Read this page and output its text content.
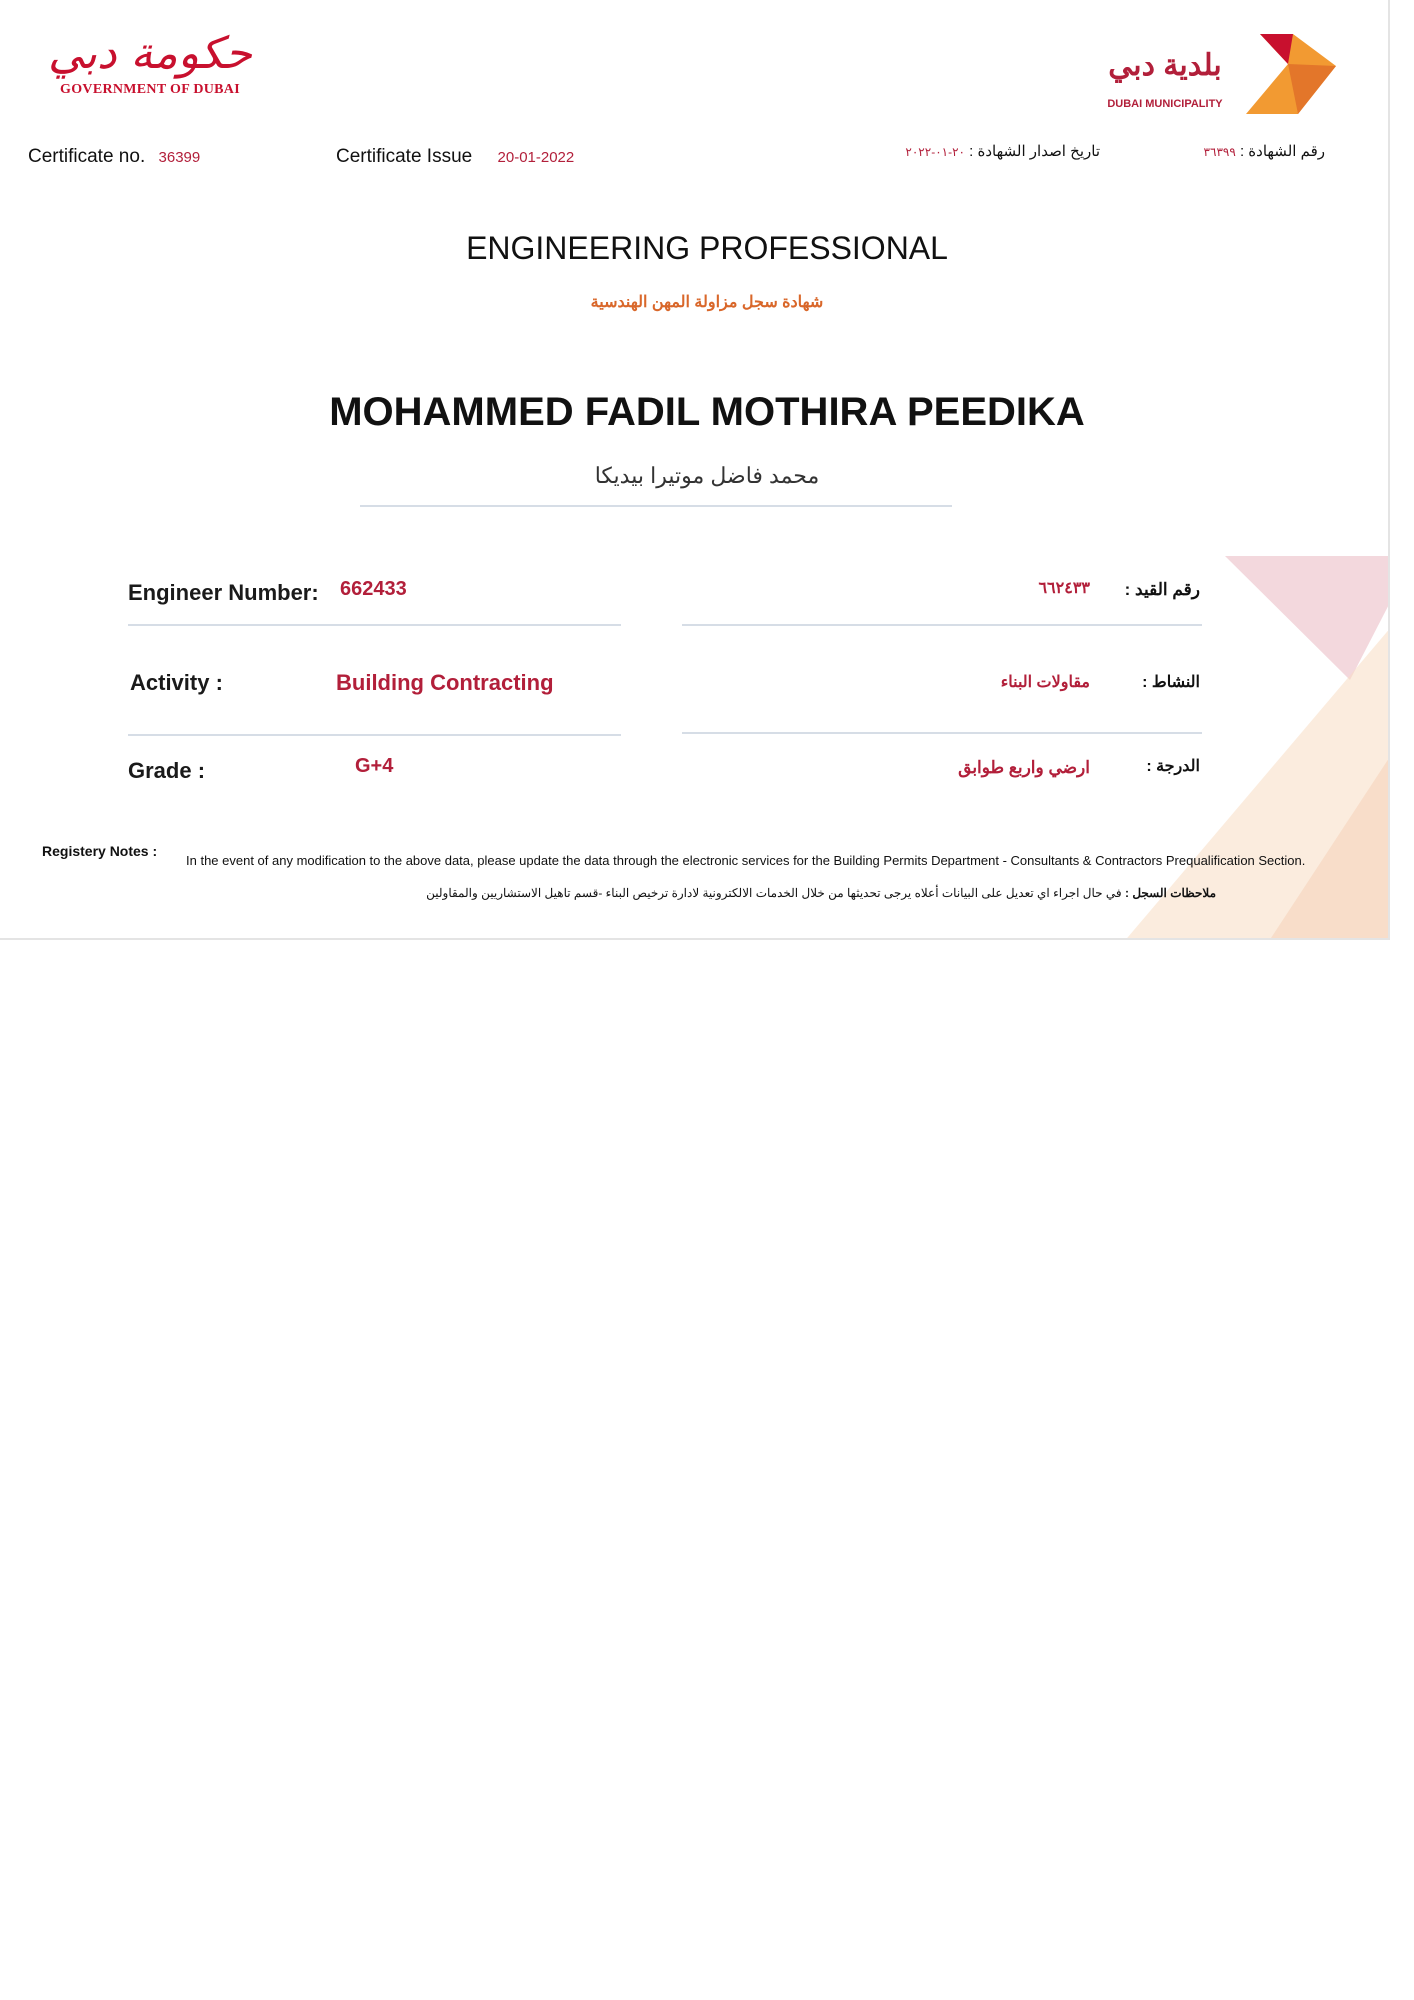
حكومة دبي
GOVERNMENT OF DUBAI
بلدية دبي
DUBAI MUNICIPALITY
Certificate no. 36399	Certificate Issue 20-01-2022	تاريخ اصدار الشهادة : ٢٠-٠١-٢٠٢٢	رقم الشهادة : ٣٦٣٩٩
ENGINEERING PROFESSIONAL
شهادة سجل مزاولة المهن الهندسية
MOHAMMED FADIL MOTHIRA PEEDIKA
محمد فاضل موتيرا بيديكا
Engineer Number: 662433	رقم القيد :
٦٦٢٤٣٣
Activity :	Building Contracting	النشاط :
مقاولات البناء
Grade :	G+4	الدرجة :
ارضي واربع طوابق
Registery Notes :
In the event of any modification to the above data, please update the data through the electronic services for the Building Permits Department - Consultants & Contractors Prequalification Section.
ملاحظات السجل : في حال اجراء اي تعديل على البيانات أعلاه يرجى تحديثها من خلال الخدمات الالكترونية لادارة ترخيص البناء -قسم تاهيل الاستشاريين والمقاولين
